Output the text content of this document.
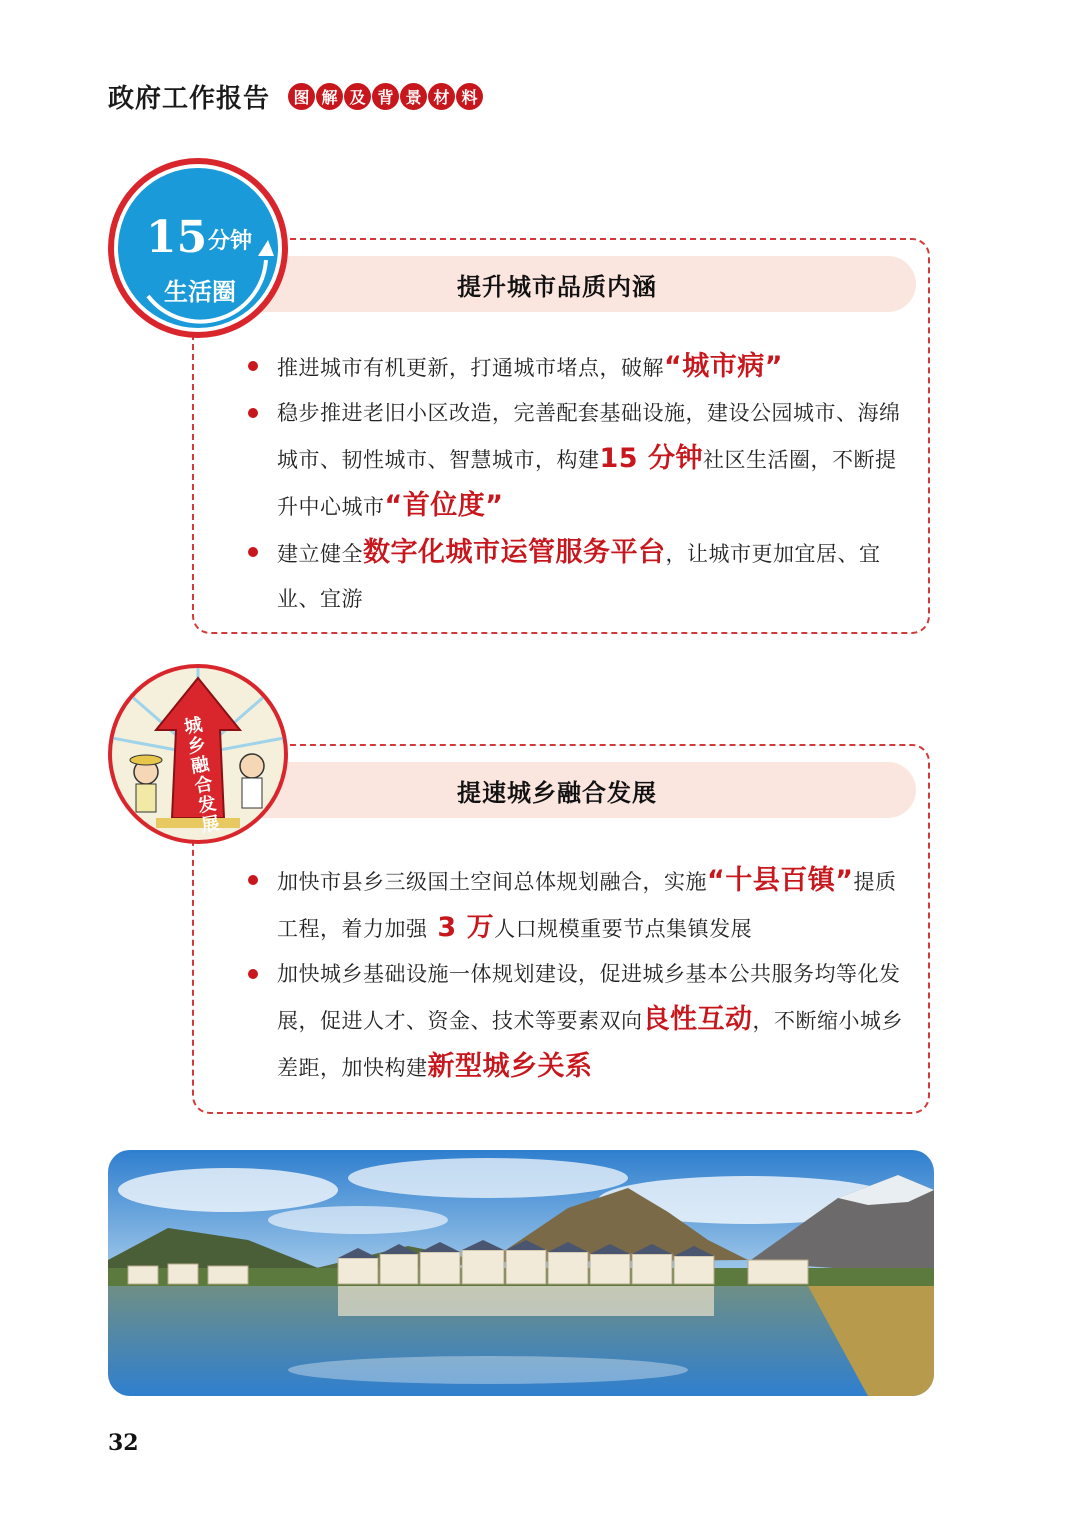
政府工作报告	图 解 及 背 景 材 料
提升城市品质内涵
15 分钟
生活圈
推进城市有机更新，打通城市堵点，破解“城市病”
稳步推进老旧小区改造，完善配套基础设施，建设公园城市、海绵城市、韧性城市、智慧城市，构建15 分钟社区生活圈，不断提升中心城市“首位度”
建立健全数字化城市运管服务平台，让城市更加宜居、宜业、宜游
提速城乡融合发展
城乡融合发展
加快市县乡三级国土空间总体规划融合，实施“十县百镇”提质工程，着力加强 3 万人口规模重要节点集镇发展
加快城乡基础设施一体规划建设，促进城乡基本公共服务均等化发展，促进人才、资金、技术等要素双向良性互动，不断缩小城乡差距，加快构建新型城乡关系
32
